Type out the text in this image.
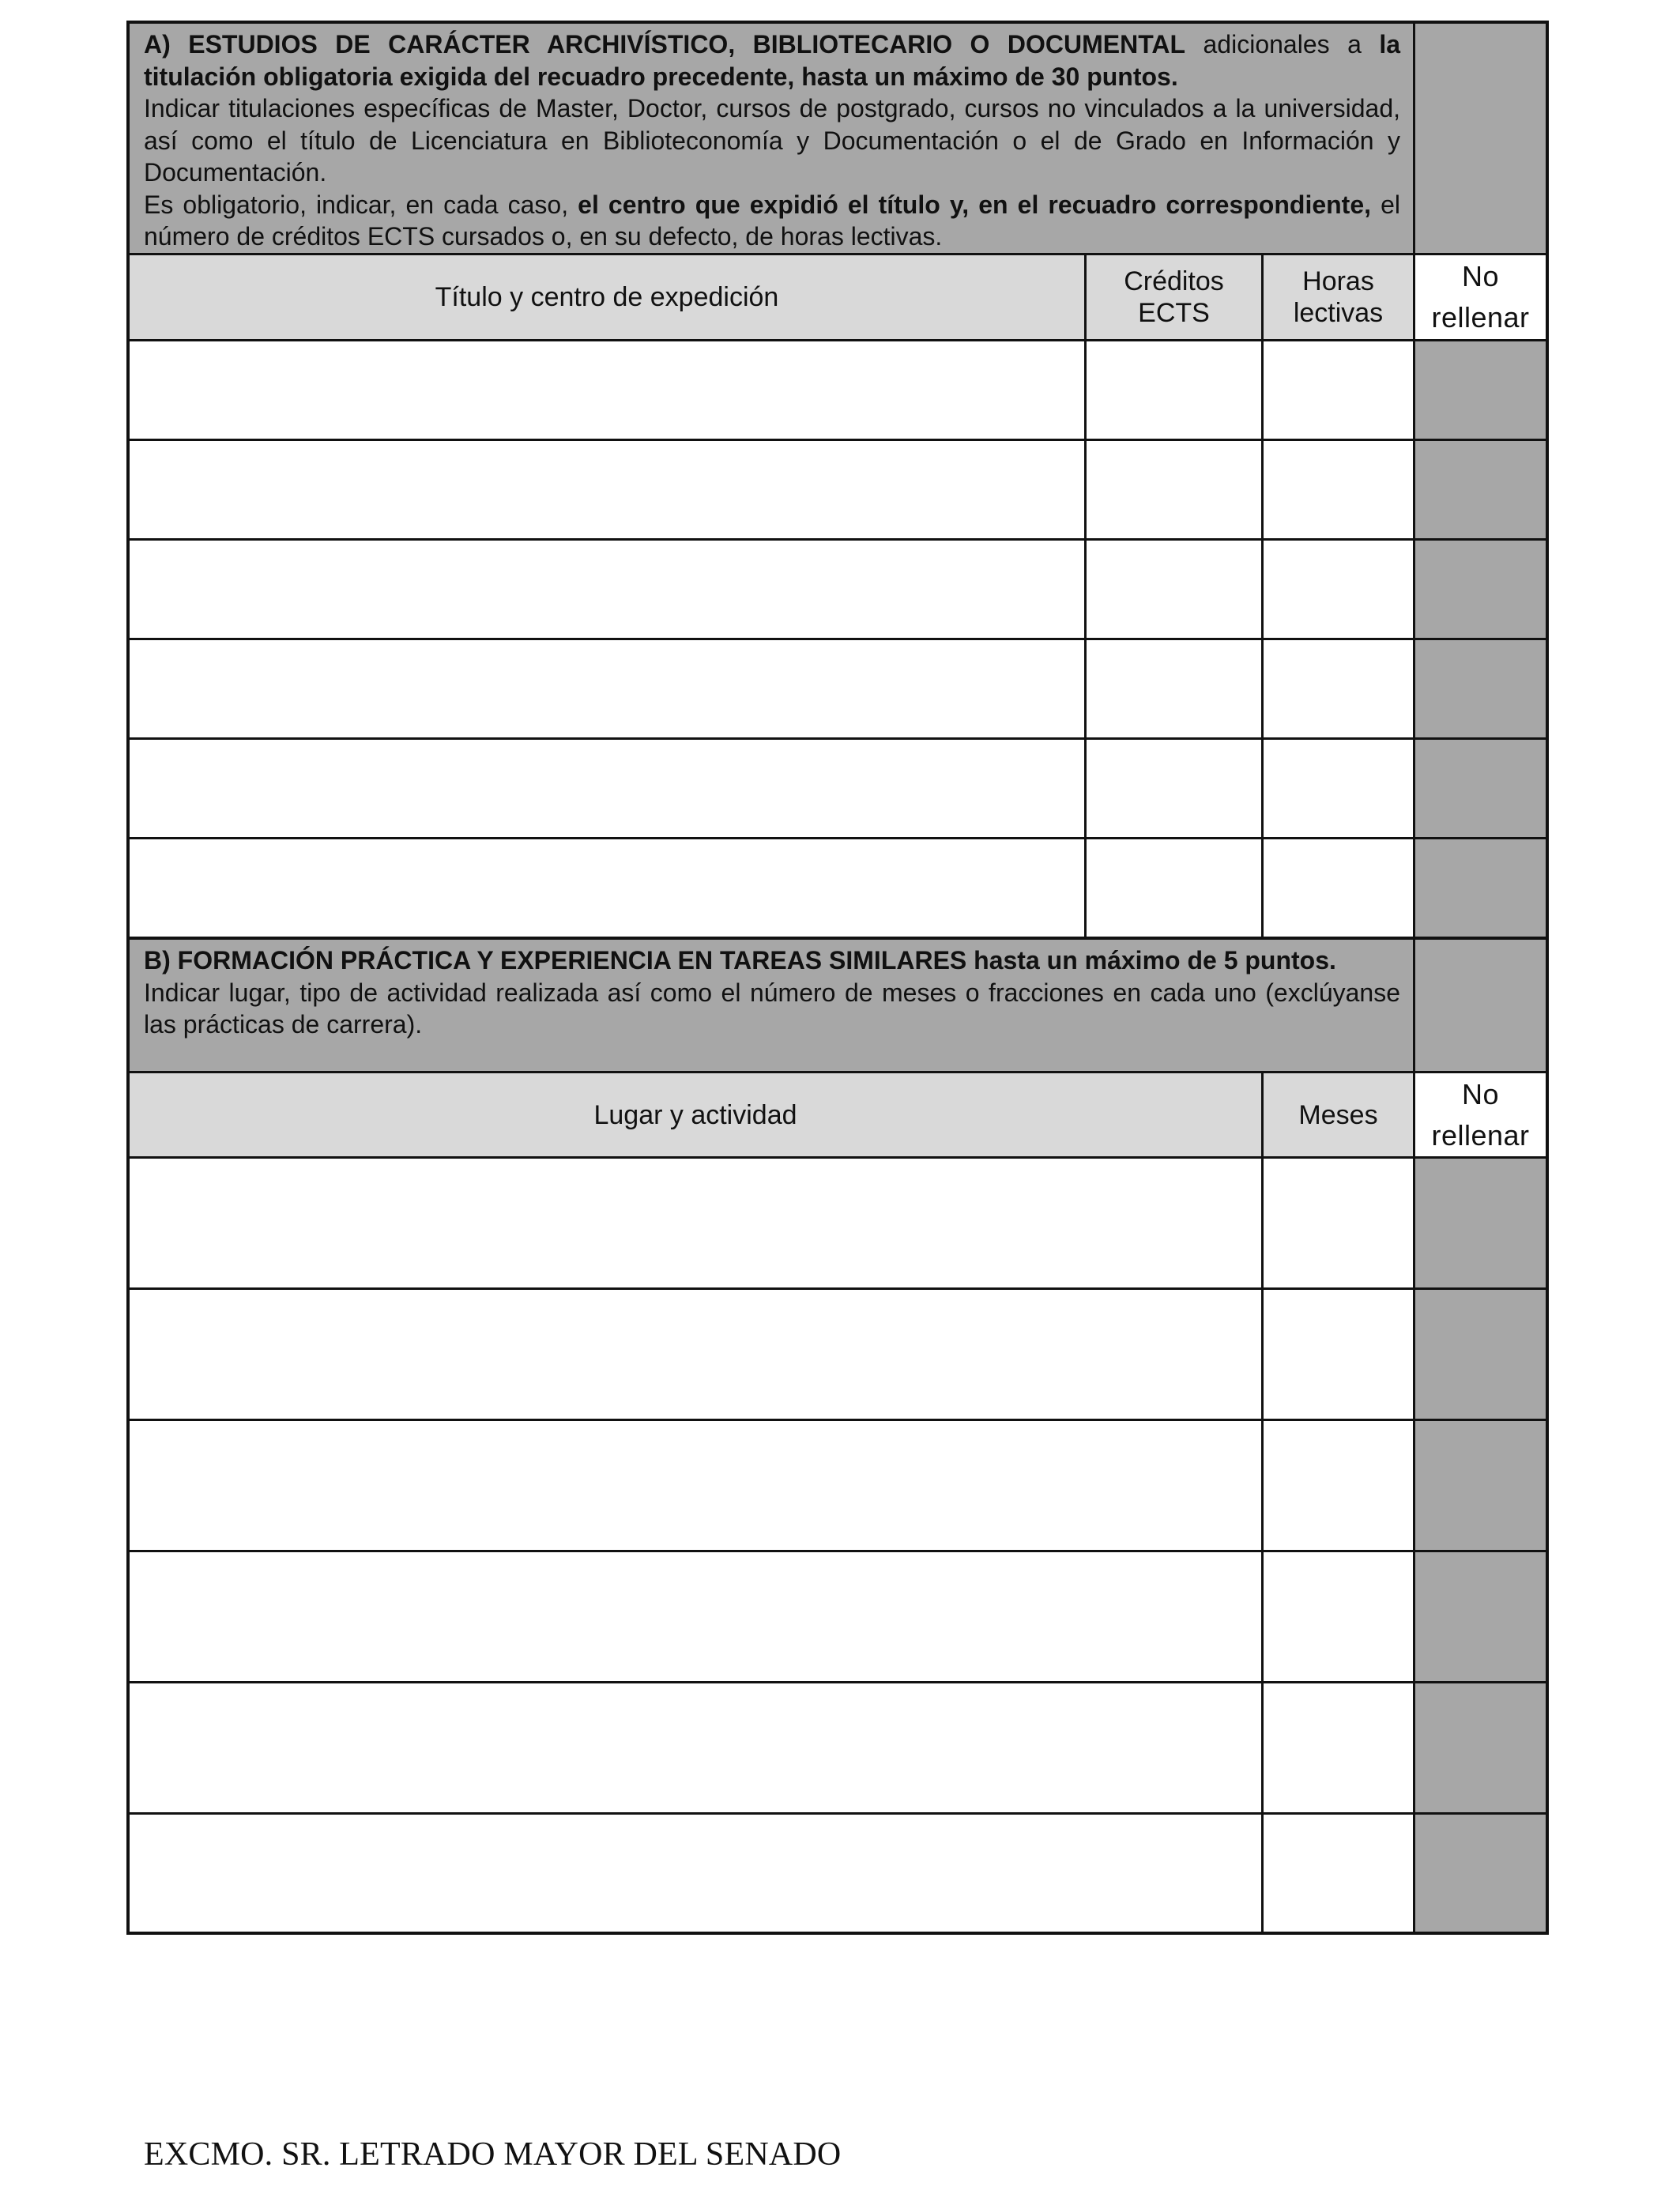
A) ESTUDIOS DE CARÁCTER ARCHIVÍSTICO, BIBLIOTECARIO O DOCUMENTAL adicionales a la titulación obligatoria exigida del recuadro precedente, hasta un máximo de 30 puntos.
Indicar titulaciones específicas de Master, Doctor, cursos de postgrado, cursos no vinculados a la universidad, así como el título de Licenciatura en Biblioteconomía y Documentación o el de Grado en Información y Documentación.
Es obligatorio, indicar, en cada caso, el centro que expidió el título y, en el recuadro correspondiente, el número de créditos ECTS cursados o, en su defecto, de horas lectivas.
Título y centro de expedición
Créditos
ECTS
Horas
lectivas
No
rellenar
B) FORMACIÓN PRÁCTICA Y EXPERIENCIA EN TAREAS SIMILARES hasta un máximo de 5 puntos.
Indicar lugar, tipo de actividad realizada así como el número de meses o fracciones en cada uno (exclúyanse las prácticas de carrera).
Lugar y actividad	Meses
No
rellenar
EXCMO. SR. LETRADO MAYOR DEL SENADO
